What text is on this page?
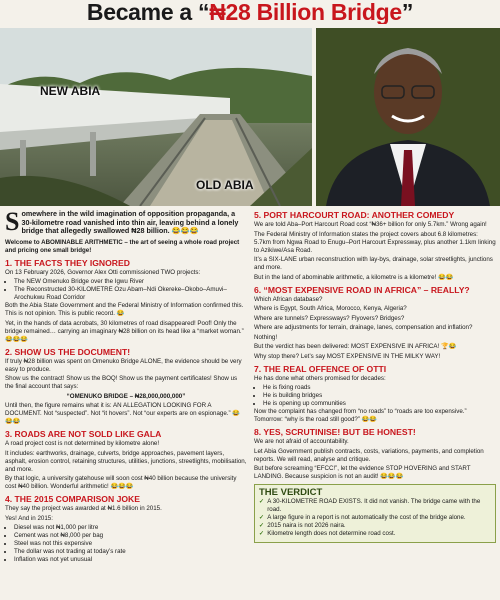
Became a “₦28 Billion Bridge”
NEW ABIA
OLD ABIA
Somewhere in the wild imagination of opposition propaganda, a 30-kilometre road vanished into thin air, leaving behind a lonely bridge that allegedly swallowed ₦28 billion. 😂😂😂

Welcome to ABOMINABLE ARITHMETIC – the art of seeing a whole road project and pricing one small bridge!

1. THE FACTS THEY IGNORED

On 13 February 2026, Governor Alex Otti commissioned TWO projects:

• The NEW Omenuko Bridge over the Igwu River
• The Reconstructed 30-KILOMETRE Ozu Abam–Ndi Okereke–Okobo–Amuvi–Arochukwu Road Corridor

Both the Abia State Government and the Federal Ministry of Information confirmed this. This is not opinion. This is public record. 😂

Yet, in the hands of data acrobats, 30 kilometres of road disappeared! Poof! Only the bridge remained… carrying an imaginary ₦28 billion on its head like a “market woman.” 😂😂😂

2. SHOW US THE DOCUMENT!

If truly ₦28 billion was spent on Omenuko Bridge ALONE, the evidence should be very easy to produce.

Show us the contract! Show us the BOQ! Show us the payment certificates! Show us the final account that says:

“OMENUKO BRIDGE – ₦28,000,000,000”

Until then, the figure remains what it is: AN ALLEGATION LOOKING FOR A DOCUMENT. Not “suspected”. Not “it hovers”. Not “our experts are on espionage.” 😂😂😂

3. ROADS ARE NOT SOLD LIKE GALA

A road project cost is not determined by kilometre alone!

It includes: earthworks, drainage, culverts, bridge approaches, pavement layers, asphalt, erosion control, retaining structures, utilities, junctions, streetlights, mobilisation, and more.

By that logic, a university gatehouse will soon cost ₦40 billion because the university cost ₦40 billion. Wonderful arithmetic! 😂😂😂

4. THE 2015 COMPARISON JOKE

They say the project was awarded at ₦1.6 billion in 2015.

Yes! And in 2015:

• Diesel was not ₦1,000 per litre
• Cement was not ₦8,000 per bag
• Steel was not this expensive
• The dollar was not trading at today’s rate
• Inflation was not yet unusual
5. PORT HARCOURT ROAD: ANOTHER COMEDY

We are told Aba–Port Harcourt Road cost “₦36+ billion for only 5.7km.” Wrong again!

The Federal Ministry of Information states the project covers about 6.8 kilometres: 5.7km from Ngwa Road to Enugu–Port Harcourt Expressway, plus another 1.1km linking to Azikiwe/Asa Road.

It’s a SIX-LANE urban reconstruction with lay-bys, drainage, solar streetlights, junctions and more.

But in the land of abominable arithmetic, a kilometre is a kilometre! 😂😂

6. “MOST EXPENSIVE ROAD IN AFRICA” – REALLY?

Which African database?

Where is Egypt, South Africa, Morocco, Kenya, Algeria?

Where are tunnels? Expressways? Flyovers? Bridges?

Where are adjustments for terrain, drainage, lanes, compensation and inflation?

Nothing!

But the verdict has been delivered: MOST EXPENSIVE IN AFRICA! 🏆😂

Why stop there? Let’s say MOST EXPENSIVE IN THE MILKY WAY!

7. THE REAL OFFENCE OF OTTI

He has done what others promised for decades:

• He is fixing roads
• He is building bridges
• He is opening up communities

Now the complaint has changed from “no roads” to “roads are too expensive.” Tomorrow: “why is the road still good?” 😂😂

8. YES, SCRUTINISE! BUT BE HONEST!

We are not afraid of accountability.

Let Abia Government publish contracts, costs, variations, payments, and completion reports. We will read, analyse and critique.

But before screaming “EFCC!”, let the evidence STOP HOVERING and START LANDING. Because suspicion is not an audit! 😂😂😂

THE VERDICT
✓ A 30-KILOMETRE ROAD EXISTS. It did not vanish. The bridge came with the road.
✓ A large figure in a report is not automatically the cost of the bridge alone.
✓ 2015 naira is not 2026 naira.
✓ Kilometre length does not determine road cost.
